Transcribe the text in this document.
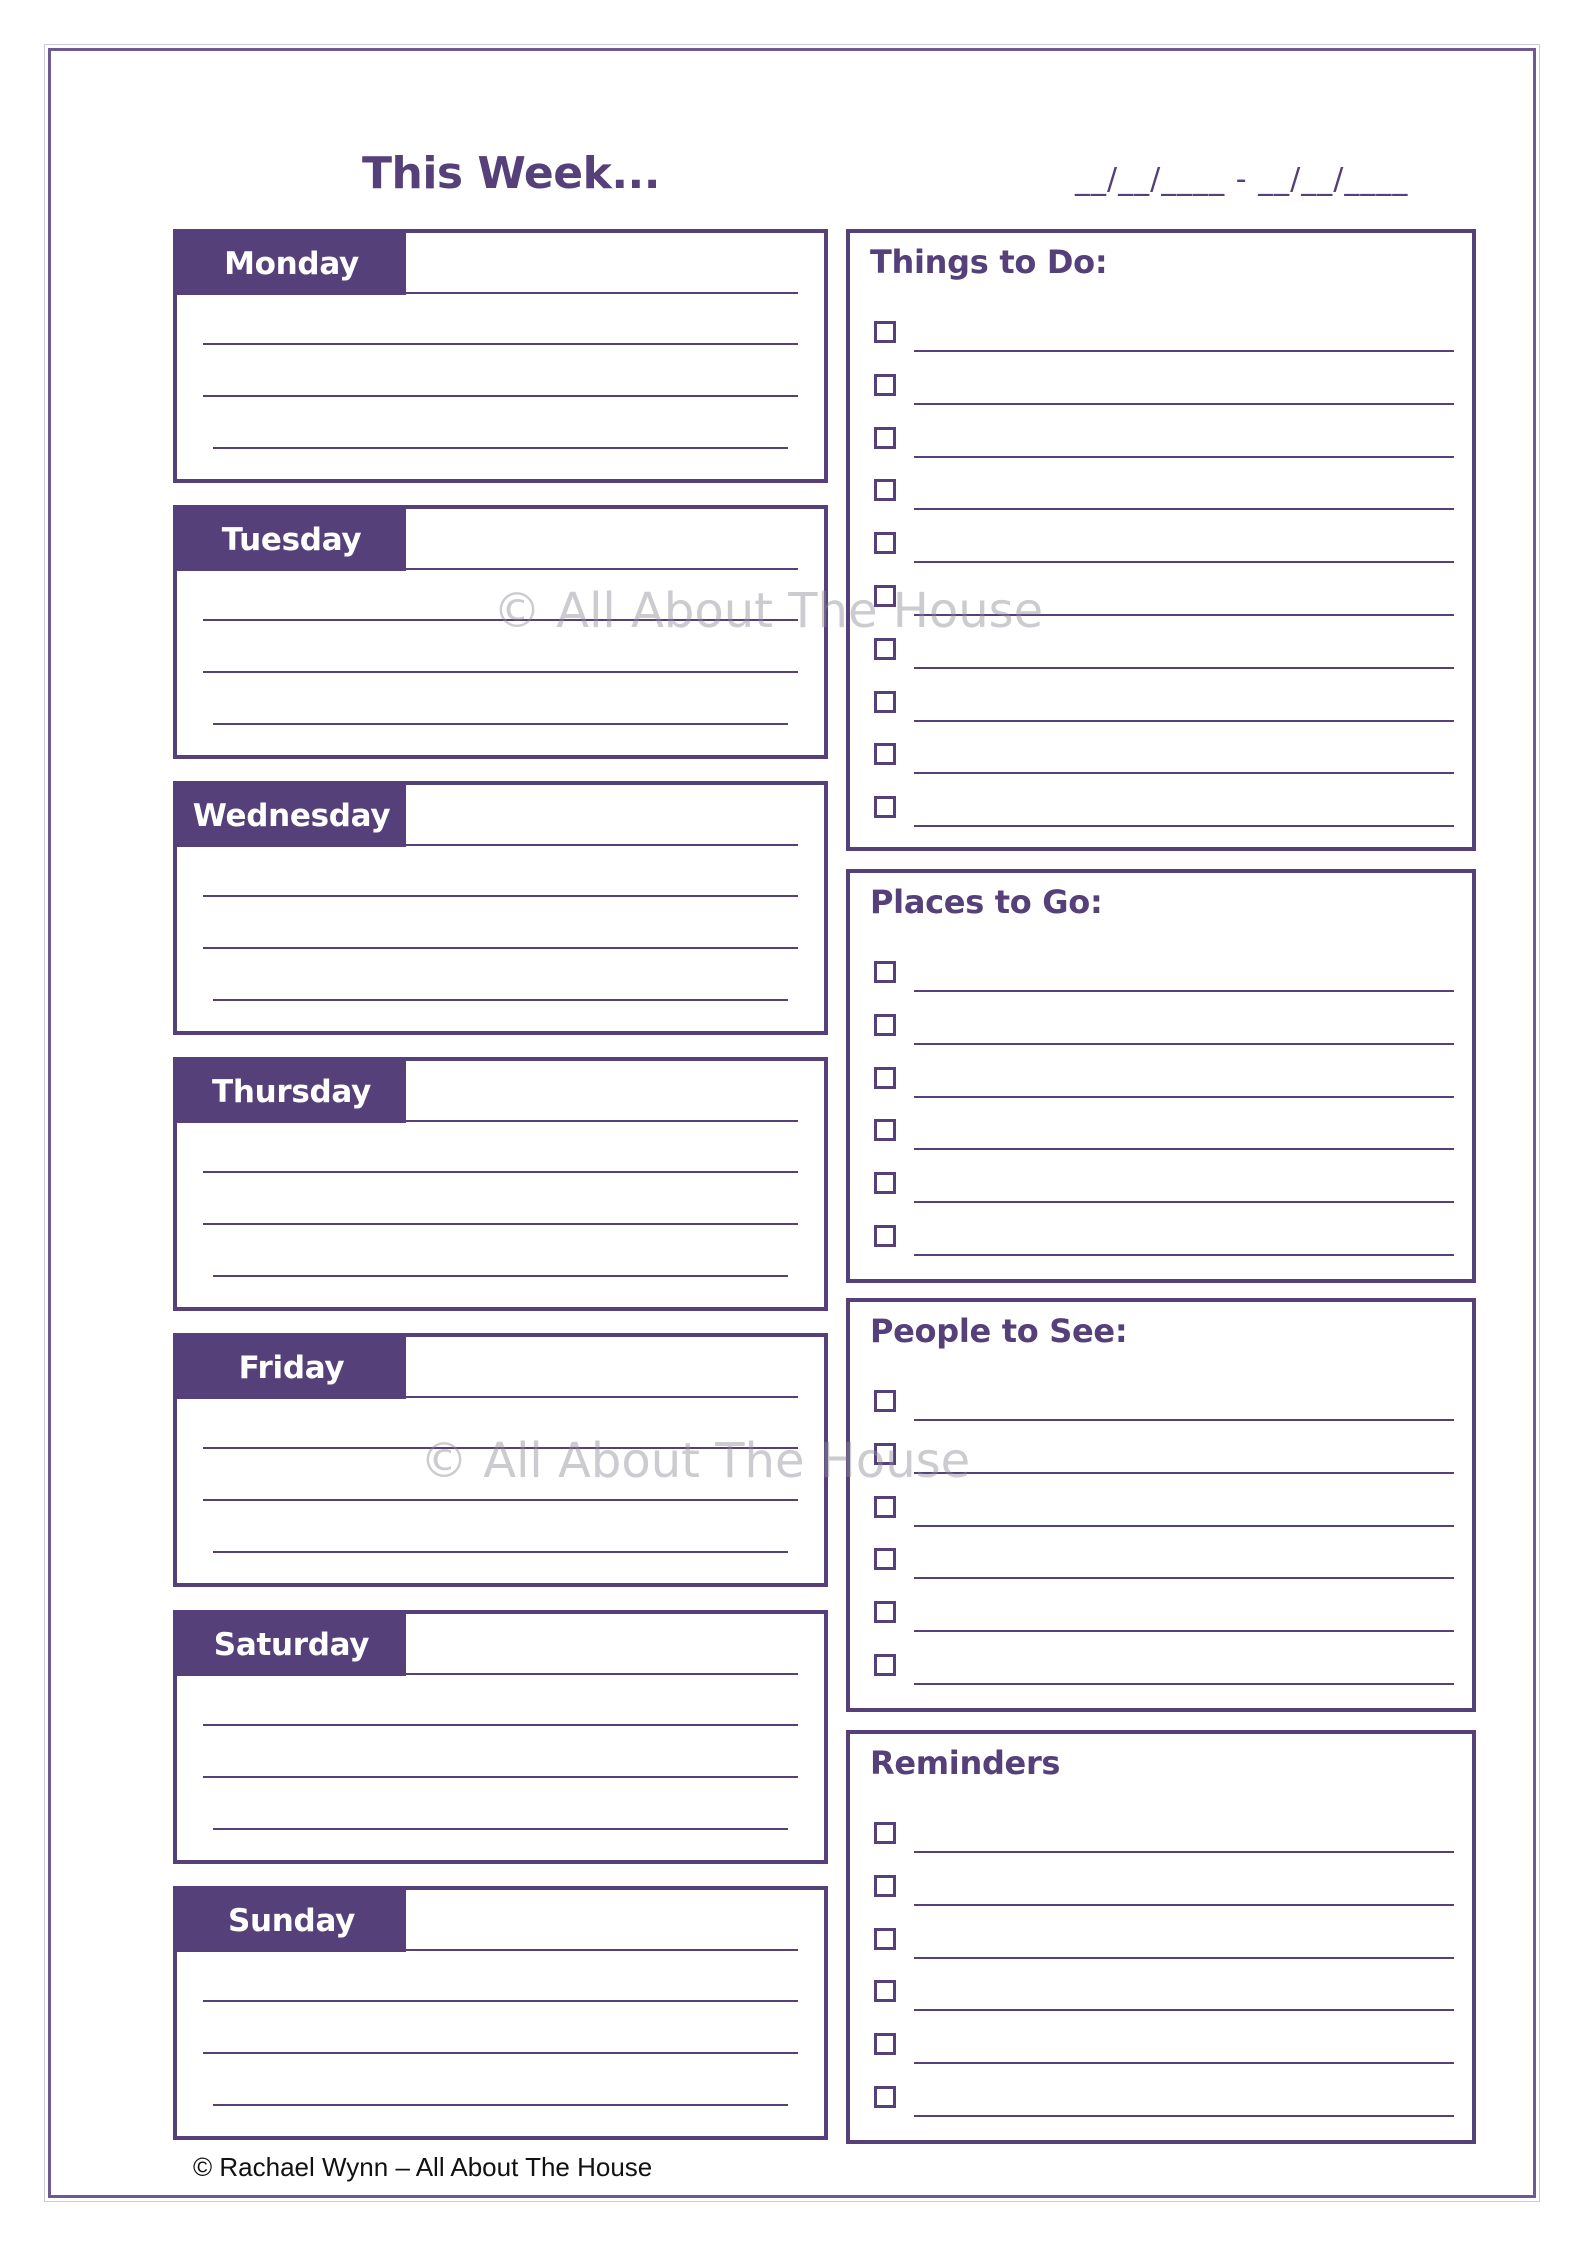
This Week...	__/__/____ - __/__/____
Monday
Tuesday
Wednesday
Thursday
Friday
Saturday
Sunday
Things to Do:
Places to Go:
People to See:
Reminders
© All About The House
© All About The House
© Rachael Wynn – All About The House
